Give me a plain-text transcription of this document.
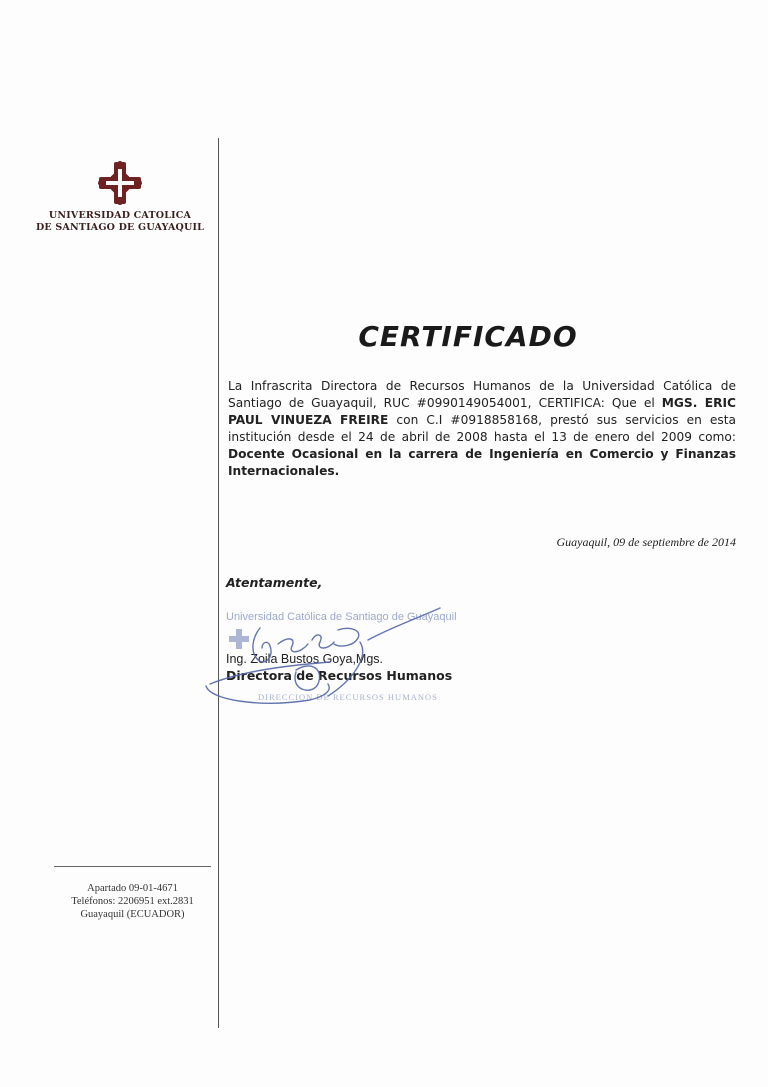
UNIVERSIDAD CATOLICA
DE SANTIAGO DE GUAYAQUIL
Apartado 09-01-4671
Teléfonos: 2206951 ext.2831
Guayaquil (ECUADOR)
CERTIFICADO
La Infrascrita Directora de Recursos Humanos de la Universidad Católica de Santiago de Guayaquil, RUC #0990149054001, CERTIFICA: Que el MGS. ERIC PAUL VINUEZA FREIRE con C.I #0918858168, prestó sus servicios en esta institución desde el 24 de abril de 2008 hasta el 13 de enero del 2009 como: Docente Ocasional en la carrera de Ingeniería en Comercio y Finanzas Internacionales.
Guayaquil, 09 de septiembre de 2014
Atentamente,
Universidad Católica de Santiago de Guayaquil
Ing. Zoila Bustos Goya,Mgs.
Directora de Recursos Humanos
DIRECCION DE RECURSOS HUMANOS
